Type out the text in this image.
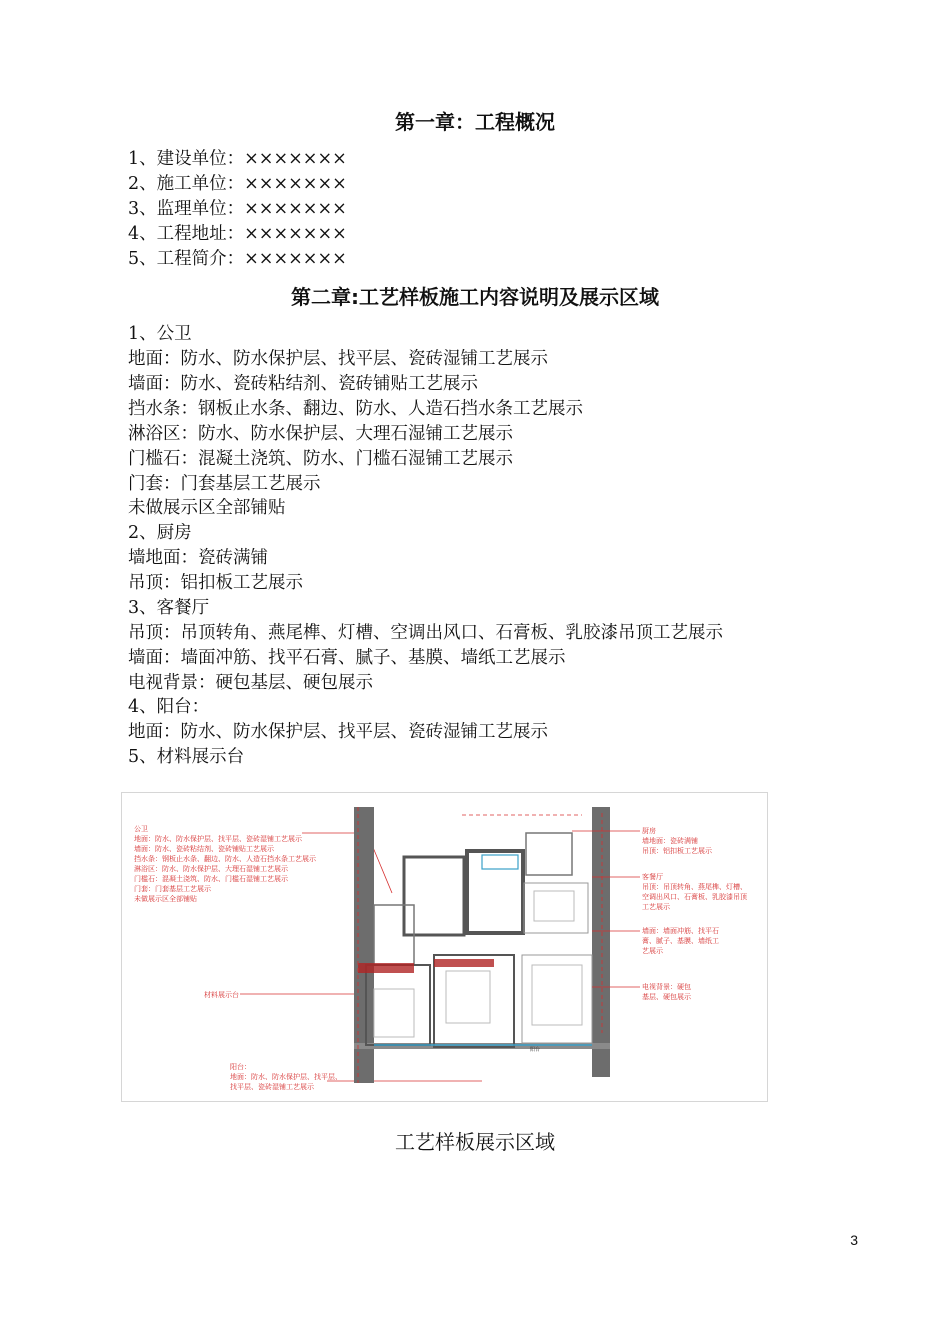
第一章：工程概况
1、建设单位：×××××××
2、施工单位：×××××××
3、监理单位：×××××××
4、工程地址：×××××××
5、工程简介：×××××××
第二章:工艺样板施工内容说明及展示区域
1、公卫
地面：防水、防水保护层、找平层、瓷砖湿铺工艺展示
墙面：防水、瓷砖粘结剂、瓷砖铺贴工艺展示
挡水条：钢板止水条、翻边、防水、人造石挡水条工艺展示
淋浴区：防水、防水保护层、大理石湿铺工艺展示
门槛石：混凝土浇筑、防水、门槛石湿铺工艺展示
门套：门套基层工艺展示
未做展示区全部铺贴
2、厨房
墙地面：瓷砖满铺
吊顶：铝扣板工艺展示
3、客餐厅
吊顶：吊顶转角、燕尾榫、灯槽、空调出风口、石膏板、乳胶漆吊顶工艺展示
墙面：墙面冲筋、找平石膏、腻子、基膜、墙纸工艺展示
电视背景：硬包基层、硬包展示
4、阳台：
地面：防水、防水保护层、找平层、瓷砖湿铺工艺展示
5、材料展示台
公卫
地面：防水、防水保护层、找平层、瓷砖湿铺工艺展示
墙面：防水、瓷砖粘结剂、瓷砖铺贴工艺展示
挡水条：钢板止水条、翻边、防水、人造石挡水条工艺展示
淋浴区：防水、防水保护层、大理石湿铺工艺展示
门槛石：混凝土浇筑、防水、门槛石湿铺工艺展示
门套：门套基层工艺展示
未做展示区全部铺贴
材料展示台
阳台：
地面：防水、防水保护层、找平层、
找平层、瓷砖湿铺工艺展示
阳台
厨房
墙地面：瓷砖满铺
吊顶：铝扣板工艺展示
客餐厅
吊顶：吊顶转角、燕尾榫、灯槽、
空调出风口、石膏板、乳胶漆吊顶
工艺展示
墙面：墙面冲筋、找平石
膏、腻子、基膜、墙纸工
艺展示
电视背景：硬包
基层、硬包展示
工艺样板展示区域
3
